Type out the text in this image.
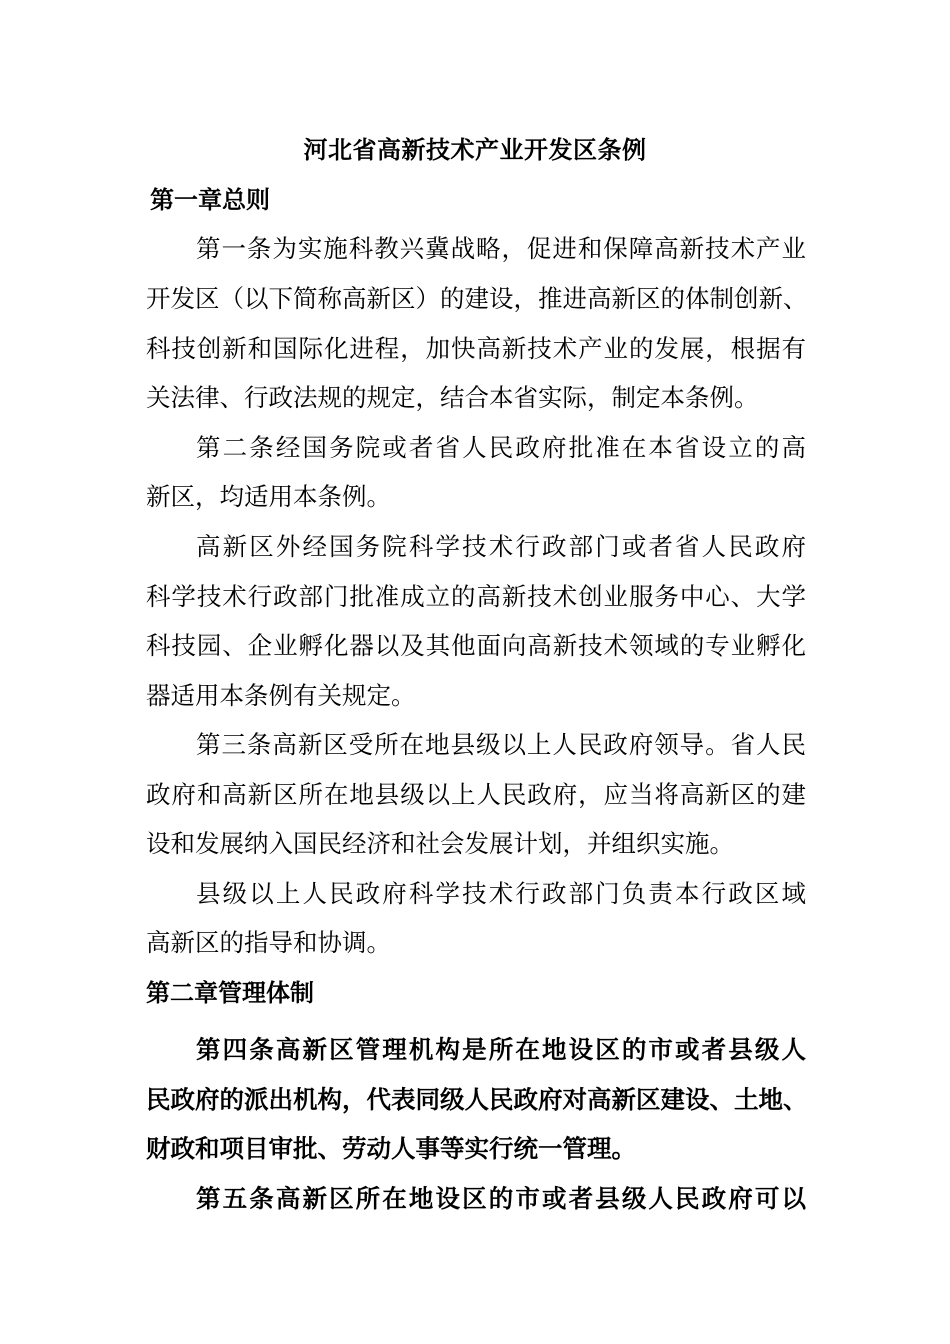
河北省高新技术产业开发区条例
第一章总则
第一条为实施科教兴冀战略，促进和保障高新技术产业
开发区（以下简称高新区）的建设，推进高新区的体制创新、
科技创新和国际化进程，加快高新技术产业的发展，根据有
关法律、行政法规的规定，结合本省实际，制定本条例。
第二条经国务院或者省人民政府批准在本省设立的高
新区，均适用本条例。
高新区外经国务院科学技术行政部门或者省人民政府
科学技术行政部门批准成立的高新技术创业服务中心、大学
科技园、企业孵化器以及其他面向高新技术领域的专业孵化
器适用本条例有关规定。
第三条高新区受所在地县级以上人民政府领导。省人民
政府和高新区所在地县级以上人民政府，应当将高新区的建
设和发展纳入国民经济和社会发展计划，并组织实施。
县级以上人民政府科学技术行政部门负责本行政区域
高新区的指导和协调。
第二章管理体制
第四条高新区管理机构是所在地设区的市或者县级人
民政府的派出机构，代表同级人民政府对高新区建设、土地、
财政和项目审批、劳动人事等实行统一管理。
第五条高新区所在地设区的市或者县级人民政府可以
